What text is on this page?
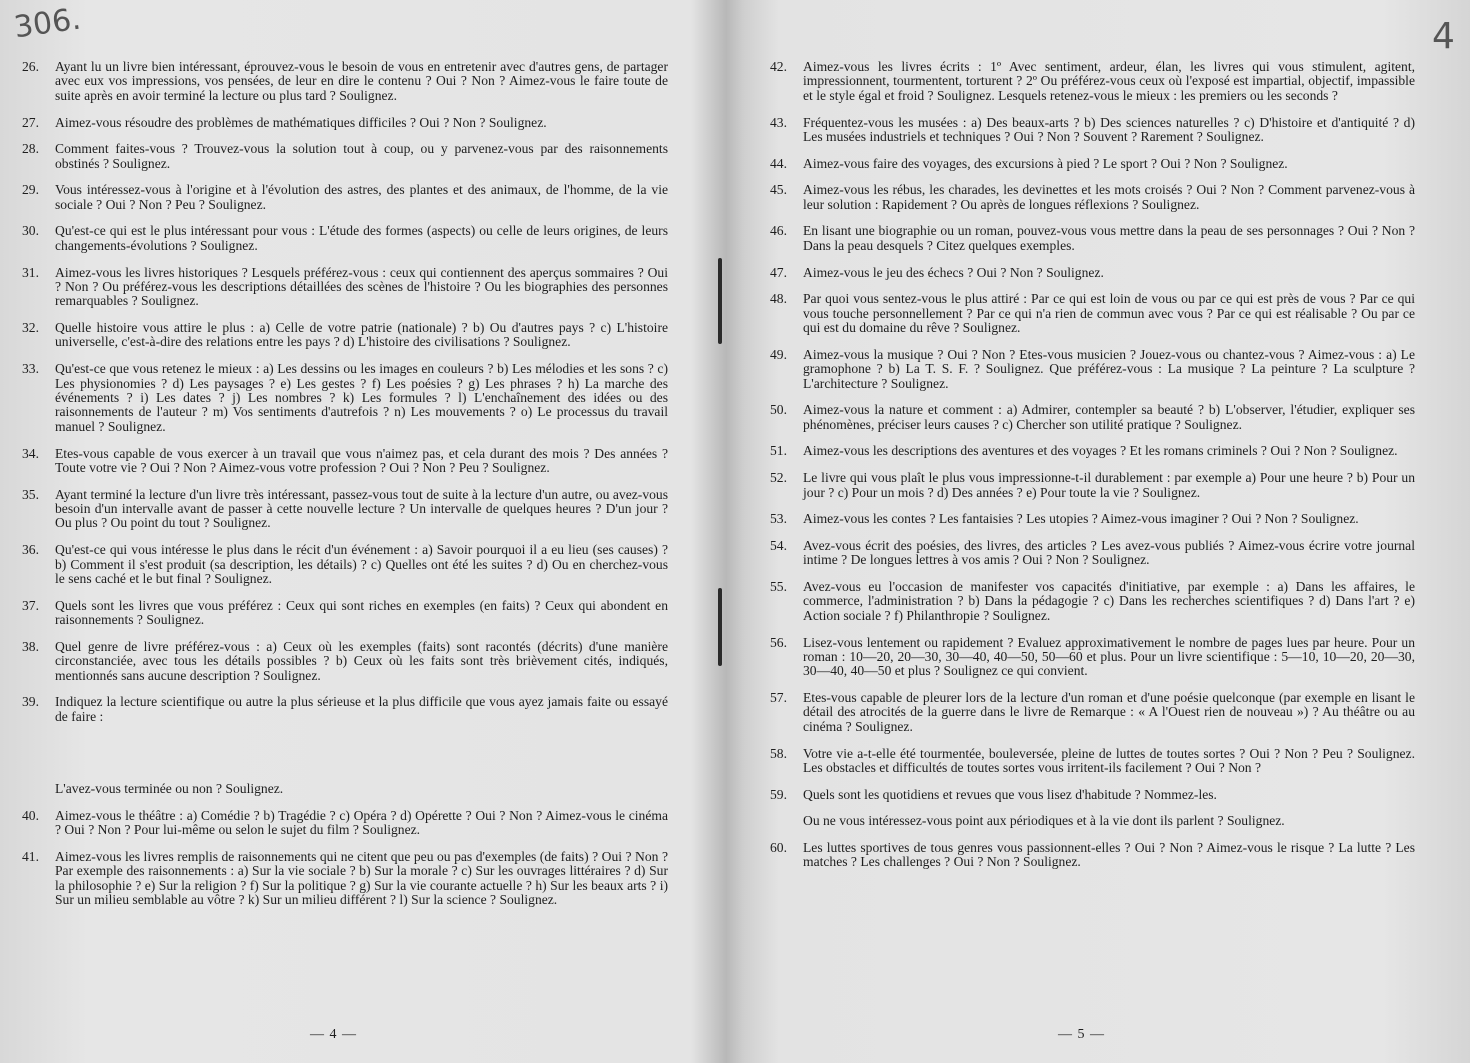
306.	4
26. Ayant lu un livre bien intéressant, éprouvez-vous le besoin de vous en entretenir avec d'autres gens, de partager avec eux vos impressions, vos pensées, de leur en dire le contenu ? Oui ? Non ? Aimez-vous le faire toute de suite après en avoir terminé la lecture ou plus tard ? Soulignez.
27. Aimez-vous résoudre des problèmes de mathématiques difficiles ? Oui ? Non ? Soulignez.
28. Comment faites-vous ? Trouvez-vous la solution tout à coup, ou y parvenez-vous par des raisonnements obstinés ? Soulignez.
29. Vous intéressez-vous à l'origine et à l'évolution des astres, des plantes et des animaux, de l'homme, de la vie sociale ? Oui ? Non ? Peu ? Soulignez.
30. Qu'est-ce qui est le plus intéressant pour vous : L'étude des formes (aspects) ou celle de leurs origines, de leurs changements-évolutions ? Soulignez.
31. Aimez-vous les livres historiques ? Lesquels préférez-vous : ceux qui contiennent des aperçus sommaires ? Oui ? Non ? Ou préférez-vous les descriptions détaillées des scènes de l'histoire ? Ou les biographies des personnes remarquables ? Soulignez.
32. Quelle histoire vous attire le plus : a) Celle de votre patrie (nationale) ? b) Ou d'autres pays ? c) L'histoire universelle, c'est-à-dire des relations entre les pays ? d) L'histoire des civilisations ? Soulignez.
33. Qu'est-ce que vous retenez le mieux : a) Les dessins ou les images en couleurs ? b) Les mélodies et les sons ? c) Les physionomies ? d) Les paysages ? e) Les gestes ? f) Les poésies ? g) Les phrases ? h) La marche des événements ? i) Les dates ? j) Les nombres ? k) Les formules ? l) L'enchaînement des idées ou des raisonnements de l'auteur ? m) Vos sentiments d'autrefois ? n) Les mouvements ? o) Le processus du travail manuel ? Soulignez.
34. Etes-vous capable de vous exercer à un travail que vous n'aimez pas, et cela durant des mois ? Des années ? Toute votre vie ? Oui ? Non ? Aimez-vous votre profession ? Oui ? Non ? Peu ? Soulignez.
35. Ayant terminé la lecture d'un livre très intéressant, passez-vous tout de suite à la lecture d'un autre, ou avez-vous besoin d'un intervalle avant de passer à cette nouvelle lecture ? Un intervalle de quelques heures ? D'un jour ? Ou plus ? Ou point du tout ? Soulignez.
36. Qu'est-ce qui vous intéresse le plus dans le récit d'un événement : a) Savoir pourquoi il a eu lieu (ses causes) ? b) Comment il s'est produit (sa description, les détails) ? c) Quelles ont été les suites ? d) Ou en cherchez-vous le sens caché et le but final ? Soulignez.
37. Quels sont les livres que vous préférez : Ceux qui sont riches en exemples (en faits) ? Ceux qui abondent en raisonnements ? Soulignez.
38. Quel genre de livre préférez-vous : a) Ceux où les exemples (faits) sont racontés (décrits) d'une manière circonstanciée, avec tous les détails possibles ? b) Ceux où les faits sont très brièvement cités, indiqués, mentionnés sans aucune description ? Soulignez.
39. Indiquez la lecture scientifique ou autre la plus sérieuse et la plus difficile que vous ayez jamais faite ou essayé de faire :
L'avez-vous terminée ou non ? Soulignez.
40. Aimez-vous le théâtre : a) Comédie ? b) Tragédie ? c) Opéra ? d) Opérette ? Oui ? Non ? Aimez-vous le cinéma ? Oui ? Non ? Pour lui-même ou selon le sujet du film ? Soulignez.
41. Aimez-vous les livres remplis de raisonnements qui ne citent que peu ou pas d'exemples (de faits) ? Oui ? Non ? Par exemple des raisonnements : a) Sur la vie sociale ? b) Sur la morale ? c) Sur les ouvrages littéraires ? d) Sur la philosophie ? e) Sur la religion ? f) Sur la politique ? g) Sur la vie courante actuelle ? h) Sur les beaux arts ? i) Sur un milieu semblable au vôtre ? k) Sur un milieu différent ? l) Sur la science ? Soulignez.
— 4 —
42. Aimez-vous les livres écrits : 1º Avec sentiment, ardeur, élan, les livres qui vous stimulent, agitent, impressionnent, tourmentent, torturent ? 2º Ou préférez-vous ceux où l'exposé est impartial, objectif, impassible et le style égal et froid ? Soulignez. Lesquels retenez-vous le mieux : les premiers ou les seconds ?
43. Fréquentez-vous les musées : a) Des beaux-arts ? b) Des sciences naturelles ? c) D'histoire et d'antiquité ? d) Les musées industriels et techniques ? Oui ? Non ? Souvent ? Rarement ? Soulignez.
44. Aimez-vous faire des voyages, des excursions à pied ? Le sport ? Oui ? Non ? Soulignez.
45. Aimez-vous les rébus, les charades, les devinettes et les mots croisés ? Oui ? Non ? Comment parvenez-vous à leur solution : Rapidement ? Ou après de longues réflexions ? Soulignez.
46. En lisant une biographie ou un roman, pouvez-vous vous mettre dans la peau de ses personnages ? Oui ? Non ? Dans la peau desquels ? Citez quelques exemples.
47. Aimez-vous le jeu des échecs ? Oui ? Non ? Soulignez.
48. Par quoi vous sentez-vous le plus attiré : Par ce qui est loin de vous ou par ce qui est près de vous ? Par ce qui vous touche personnellement ? Par ce qui n'a rien de commun avec vous ? Par ce qui est réalisable ? Ou par ce qui est du domaine du rêve ? Soulignez.
49. Aimez-vous la musique ? Oui ? Non ? Etes-vous musicien ? Jouez-vous ou chantez-vous ? Aimez-vous : a) Le gramophone ? b) La T. S. F. ? Soulignez. Que préférez-vous : La musique ? La peinture ? La sculpture ? L'architecture ? Soulignez.
50. Aimez-vous la nature et comment : a) Admirer, contempler sa beauté ? b) L'observer, l'étudier, expliquer ses phénomènes, préciser leurs causes ? c) Chercher son utilité pratique ? Soulignez.
51. Aimez-vous les descriptions des aventures et des voyages ? Et les romans criminels ? Oui ? Non ? Soulignez.
52. Le livre qui vous plaît le plus vous impressionne-t-il durablement : par exemple a) Pour une heure ? b) Pour un jour ? c) Pour un mois ? d) Des années ? e) Pour toute la vie ? Soulignez.
53. Aimez-vous les contes ? Les fantaisies ? Les utopies ? Aimez-vous imaginer ? Oui ? Non ? Soulignez.
54. Avez-vous écrit des poésies, des livres, des articles ? Les avez-vous publiés ? Aimez-vous écrire votre journal intime ? De longues lettres à vos amis ? Oui ? Non ? Soulignez.
55. Avez-vous eu l'occasion de manifester vos capacités d'initiative, par exemple : a) Dans les affaires, le commerce, l'administration ? b) Dans la pédagogie ? c) Dans les recherches scientifiques ? d) Dans l'art ? e) Action sociale ? f) Philanthropie ? Soulignez.
56. Lisez-vous lentement ou rapidement ? Evaluez approximativement le nombre de pages lues par heure. Pour un roman : 10—20, 20—30, 30—40, 40—50, 50—60 et plus. Pour un livre scientifique : 5—10, 10—20, 20—30, 30—40, 40—50 et plus ? Soulignez ce qui convient.
57. Etes-vous capable de pleurer lors de la lecture d'un roman et d'une poésie quelconque (par exemple en lisant le détail des atrocités de la guerre dans le livre de Remarque : « A l'Ouest rien de nouveau ») ? Au théâtre ou au cinéma ? Soulignez.
58. Votre vie a-t-elle été tourmentée, bouleversée, pleine de luttes de toutes sortes ? Oui ? Non ? Peu ? Soulignez. Les obstacles et difficultés de toutes sortes vous irritent-ils facilement ? Oui ? Non ?
59. Quels sont les quotidiens et revues que vous lisez d'habitude ? Nommez-les.
Ou ne vous intéressez-vous point aux périodiques et à la vie dont ils parlent ? Soulignez.
60. Les luttes sportives de tous genres vous passionnent-elles ? Oui ? Non ? Aimez-vous le risque ? La lutte ? Les matches ? Les challenges ? Oui ? Non ? Soulignez.
— 5 —
